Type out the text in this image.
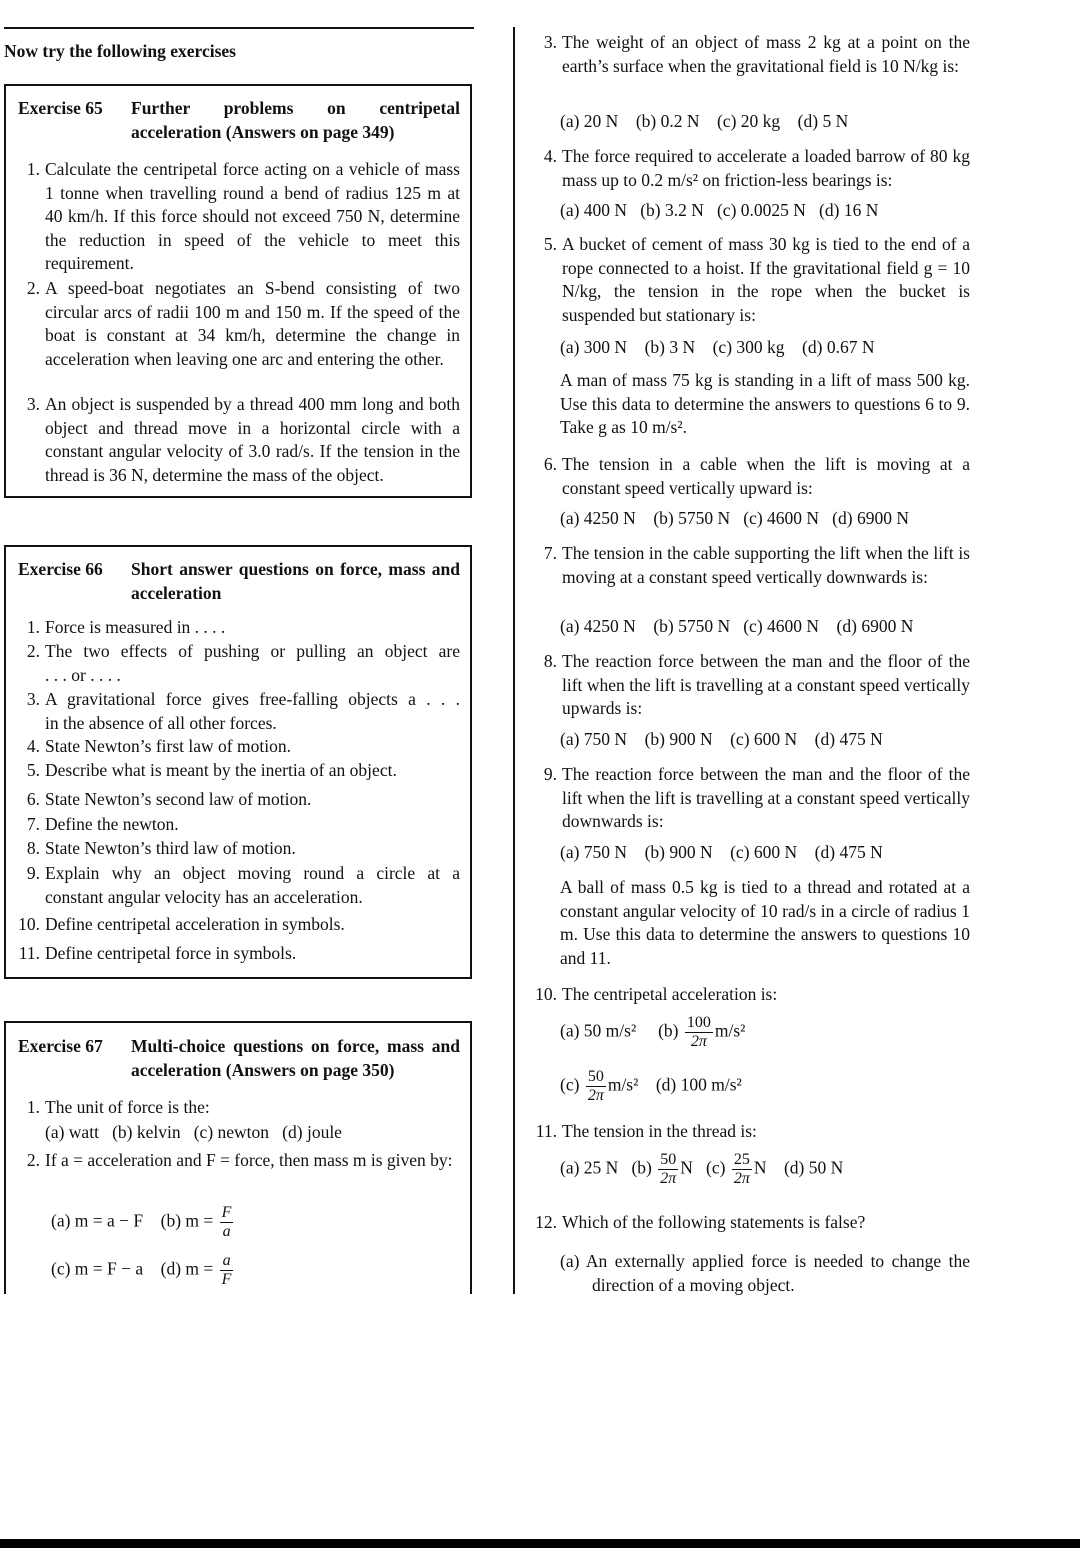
Now try the following exercises
Exercise 65 Further problems on centripetal acceleration (Answers on page 349)
1. Calculate the centripetal force acting on a vehicle of mass 1 tonne when travelling round a bend of radius 125 m at 40 km/h. If this force should not exceed 750 N, determine the reduction in speed of the vehicle to meet this requirement.
2. A speed-boat negotiates an S-bend consisting of two circular arcs of radii 100 m and 150 m. If the speed of the boat is constant at 34 km/h, determine the change in acceleration when leaving one arc and entering the other.
3. An object is suspended by a thread 400 mm long and both object and thread move in a horizontal circle with a constant angular velocity of 3.0 rad/s. If the tension in the thread is 36 N, determine the mass of the object.
Exercise 66 Short answer questions on force, mass and acceleration
1. Force is measured in . . . .
2. The two effects of pushing or pulling an object are
. . . or . . . .
3. A gravitational force gives free-falling objects a . . .
in the absence of all other forces.
4. State Newton’s first law of motion.
5. Describe what is meant by the inertia of an object.
6. State Newton’s second law of motion.
7. Define the newton.
8. State Newton’s third law of motion.
9. Explain why an object moving round a circle at a
constant angular velocity has an acceleration.
10. Define centripetal acceleration in symbols.
11. Define centripetal force in symbols.
Exercise 67 Multi-choice questions on force, mass and acceleration (Answers on page 350)
1. The unit of force is the:
(a) watt (b) kelvin (c) newton (d) joule
2. If a = acceleration and F = force, then mass m is given by:
(a) m = a − F (b) $m = \frac{F}{a}$
(c) m = F − a (d) $m = \frac{a}{F}$
3. The weight of an object of mass 2 kg at a point on the earth’s surface when the gravitational field is 10 N/kg is:
(a) 20 N (b) 0.2 N (c) 20 kg (d) 5 N
4. The force required to accelerate a loaded barrow of 80 kg mass up to 0.2 m/s² on friction-less bearings is:
(a) 400 N (b) 3.2 N (c) 0.0025 N (d) 16 N
5. A bucket of cement of mass 30 kg is tied to the end of a rope connected to a hoist. If the gravitational field g = 10 N/kg, the tension in the rope when the bucket is suspended but stationary is:
(a) 300 N (b) 3 N (c) 300 kg (d) 0.67 N
A man of mass 75 kg is standing in a lift of mass 500 kg. Use this data to determine the answers to questions 6 to 9. Take g as 10 m/s².
6. The tension in a cable when the lift is moving at a constant speed vertically upward is:
(a) 4250 N (b) 5750 N (c) 4600 N (d) 6900 N
7. The tension in the cable supporting the lift when the lift is moving at a constant speed vertically downwards is:
(a) 4250 N (b) 5750 N (c) 4600 N (d) 6900 N
8. The reaction force between the man and the floor of the lift when the lift is travelling at a constant speed vertically upwards is:
(a) 750 N (b) 900 N (c) 600 N (d) 475 N
9. The reaction force between the man and the floor of the lift when the lift is travelling at a constant speed vertically downwards is:
(a) 750 N (b) 900 N (c) 600 N (d) 475 N
A ball of mass 0.5 kg is tied to a thread and rotated at a constant angular velocity of 10 rad/s in a circle of radius 1 m. Use this data to determine the answers to questions 10 and 11.
10. The centripetal acceleration is:
(a) 50 m/s² $(b) \frac{100}{2\pi} m/s^2$
$(c) \frac{50}{2\pi} m/s^2$ (d) 100 m/s²
11. The tension in the thread is:
(a) 25 N $(b) \frac{50}{2\pi}$ N $(c) \frac{25}{2\pi}$ N (d) 50 N
12. Which of the following statements is false?
(a) An externally applied force is needed to change the direction of a moving object.
